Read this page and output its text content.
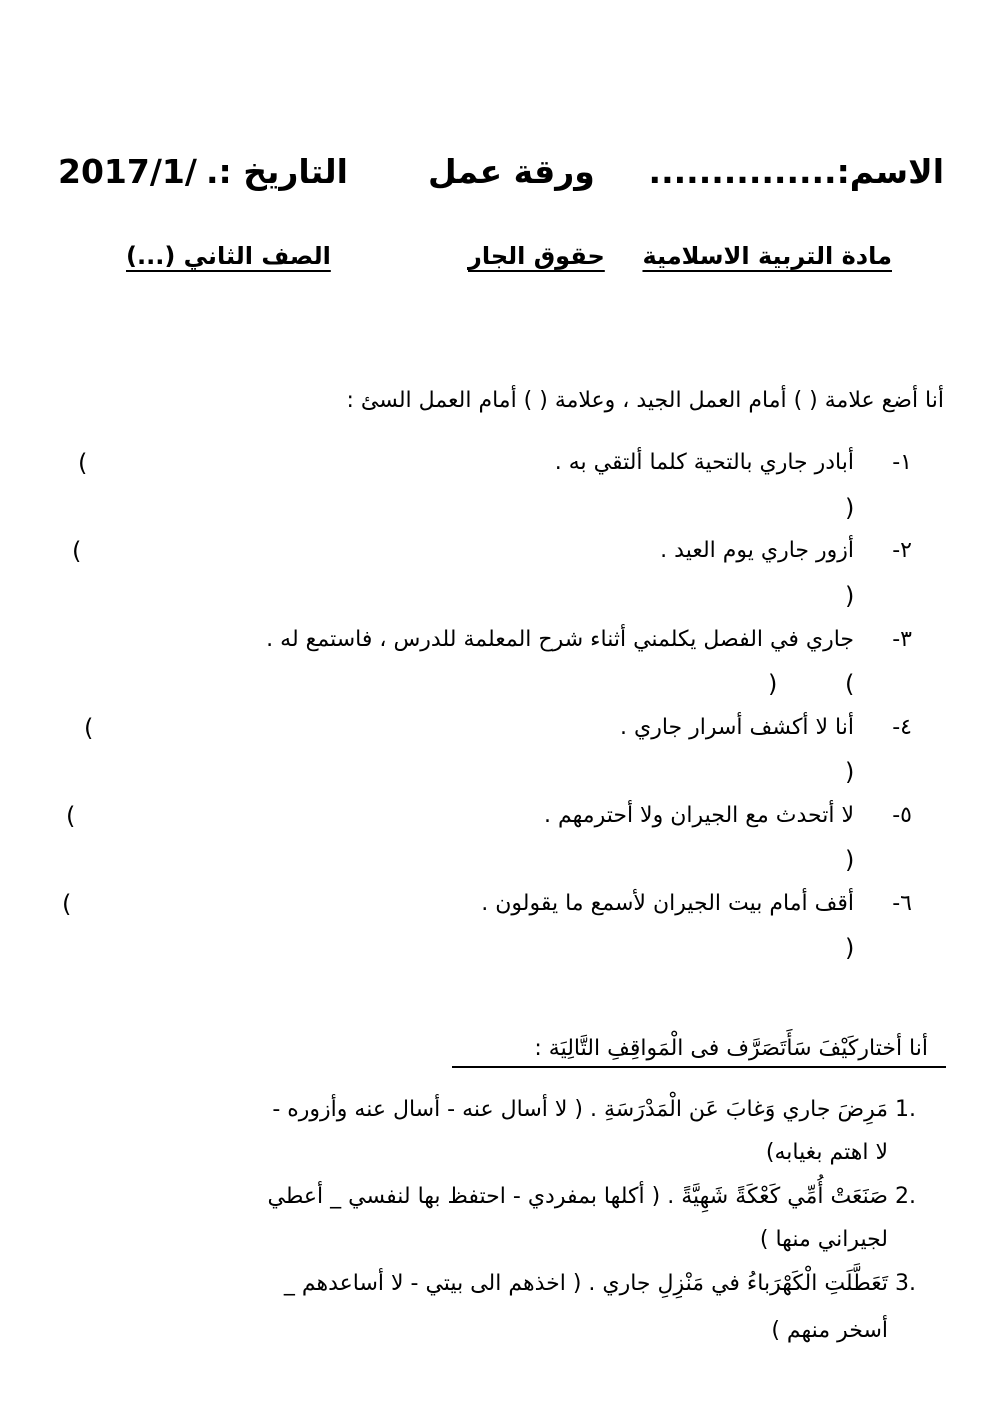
الاسم:...............
ورقة عمل
التاريخ :.
2017/1/
مادة التربية الاسلامية
حقوق الجار
الصف الثاني (...)
أنا أضع علامة ( ) أمام العمل الجيد ، وعلامة ( ) أمام العمل السئ :
١-
أبادر جاري بالتحية كلما ألتقي به .
(
)
٢-
أزور جاري يوم العيد .
(
)
٣-
جاري في الفصل يكلمني أثناء شرح المعلمة للدرس ، فاستمع له .
)	(
٤-
أنا لا أكشف أسرار جاري .
(
)
٥-
لا أتحدث مع الجيران ولا أحترمهم .
(
)
٦-
أقف أمام بيت الجيران لأسمع ما يقولون .
(
)
أنا أختاركَيْفَ سَأَتَصَرَّف فى الْمَواقِفِ التَّالِيَة :
1.
مَرِضَ جاري وَغابَ عَن الْمَدْرَسَةِ . ( لا أسال عنه - أسال عنه وأزوره -
لا اهتم بغيابه)
2.
صَنَعَتْ أُمِّي كَعْكَةً شَهِيَّةً . ( أكلها بمفردي - احتفظ بها لنفسي _ أعطي
لجيراني منها )
3.
تَعَطَّلَتِ الْكَهْرَباءُ في مَنْزِلِ جاري . ( اخذهم الى بيتي - لا أساعدهم _
أسخر منهم )
